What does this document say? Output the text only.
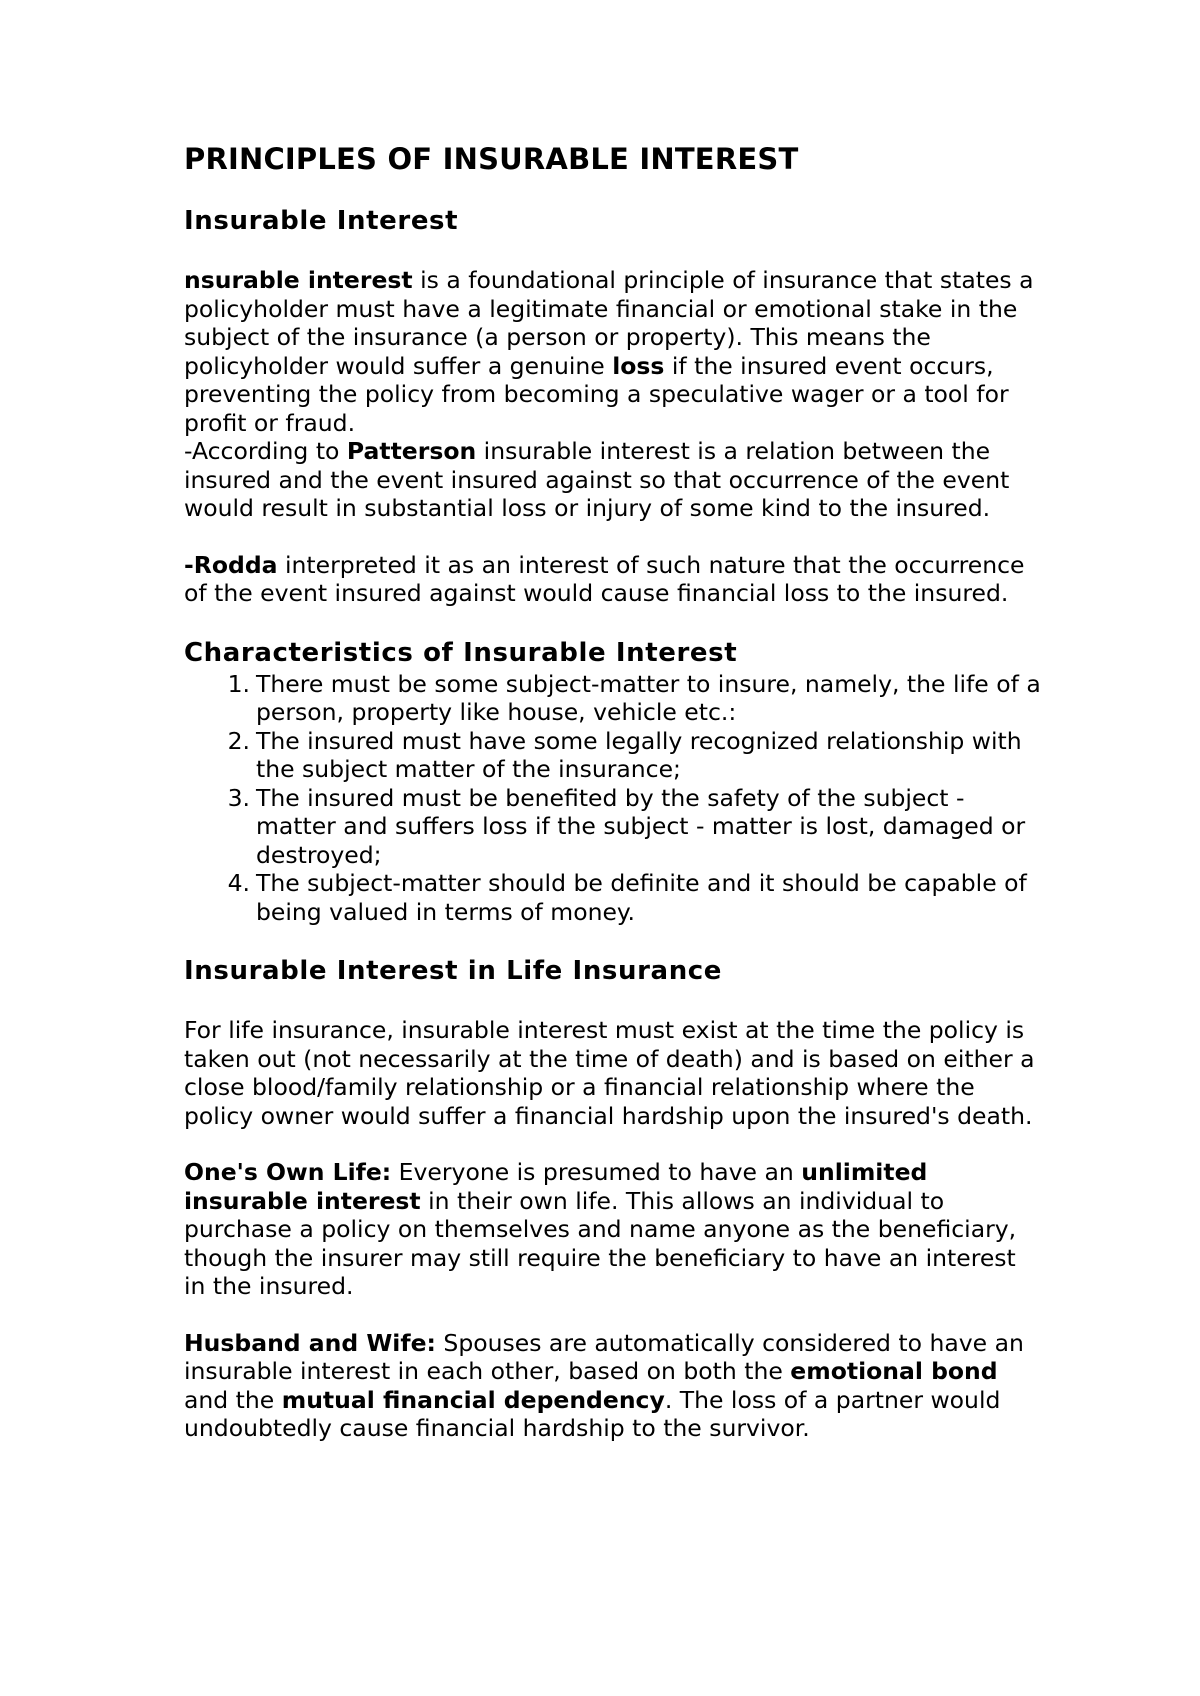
PRINCIPLES OF INSURABLE INTEREST
Insurable Interest

nsurable interest is a foundational principle of insurance that states a policyholder must have a legitimate financial or emotional stake in the subject of the insurance (a person or property). This means the policyholder would suffer a genuine loss if the insured event occurs, preventing the policy from becoming a speculative wager or a tool for profit or fraud.

-According to Patterson insurable interest is a relation between the insured and the event insured against so that occurrence of the event would result in substantial loss or injury of some kind to the insured.

-Rodda interpreted it as an interest of such nature that the occurrence of the event insured against would cause financial loss to the insured.

Characteristics of Insurable Interest
1. There must be some subject-matter to insure, namely, the life of a person, property like house, vehicle etc.:
2. The insured must have some legally recognized relationship with the subject matter of the insurance;
3. The insured must be benefited by the safety of the subject - matter and suffers loss if the subject - matter is lost, damaged or destroyed;
4. The subject-matter should be definite and it should be capable of being valued in terms of money.
Insurable Interest in Life Insurance

For life insurance, insurable interest must exist at the time the policy is taken out (not necessarily at the time of death) and is based on either a close blood/family relationship or a financial relationship where the policy owner would suffer a financial hardship upon the insured's death.

One's Own Life: Everyone is presumed to have an unlimited insurable interest in their own life. This allows an individual to purchase a policy on themselves and name anyone as the beneficiary, though the insurer may still require the beneficiary to have an interest in the insured.

Husband and Wife: Spouses are automatically considered to have an insurable interest in each other, based on both the emotional bond and the mutual financial dependency. The loss of a partner would undoubtedly cause financial hardship to the survivor.
